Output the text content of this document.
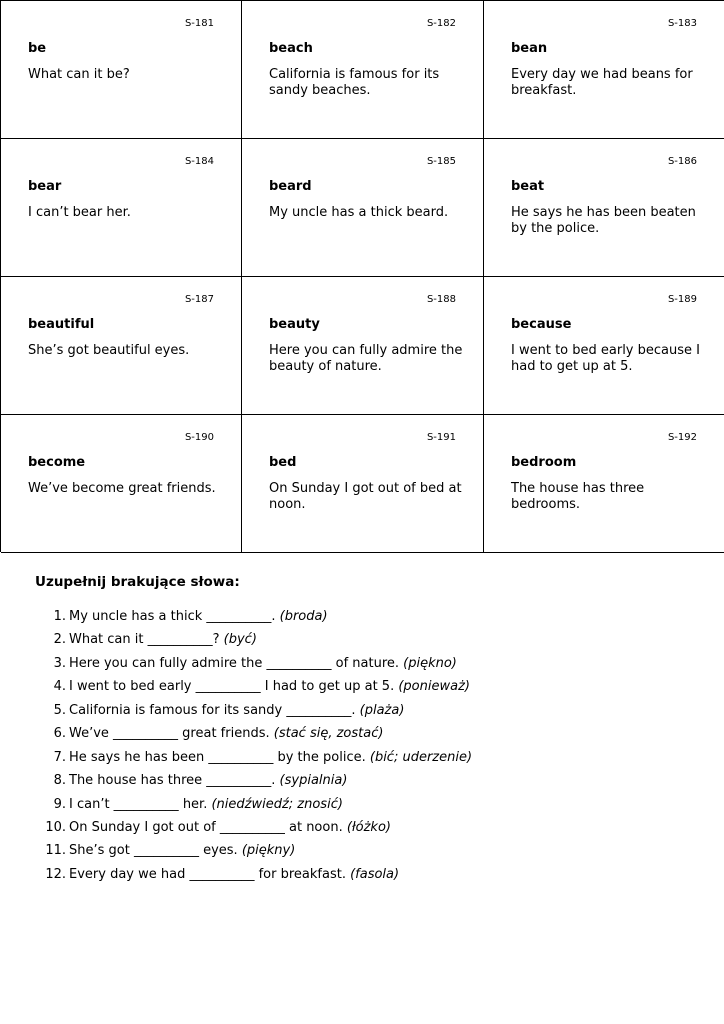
S-181
be
What can it be?
S-182
beach
California is famous for its sandy beaches.
S-183
bean
Every day we had beans for breakfast.
S-184
bear
I can’t bear her.
S-185
beard
My uncle has a thick beard.
S-186
beat
He says he has been beaten by the police.
S-187
beautiful
She’s got beautiful eyes.
S-188
beauty
Here you can fully admire the beauty of nature.
S-189
because
I went to bed early because I had to get up at 5.
S-190
become
We’ve become great friends.
S-191
bed
On Sunday I got out of bed at noon.
S-192
bedroom
The house has three bedrooms.
Uzupełnij brakujące słowa:
1. My uncle has a thick __________. (broda)
2. What can it __________? (być)
3. Here you can fully admire the __________ of nature. (piękno)
4. I went to bed early __________ I had to get up at 5. (ponieważ)
5. California is famous for its sandy __________. (plaża)
6. We’ve __________ great friends. (stać się, zostać)
7. He says he has been __________ by the police. (bić; uderzenie)
8. The house has three __________. (sypialnia)
9. I can’t __________ her. (niedźwiedź; znosić)
10. On Sunday I got out of __________ at noon. (łóżko)
11. She’s got __________ eyes. (piękny)
12. Every day we had __________ for breakfast. (fasola)
